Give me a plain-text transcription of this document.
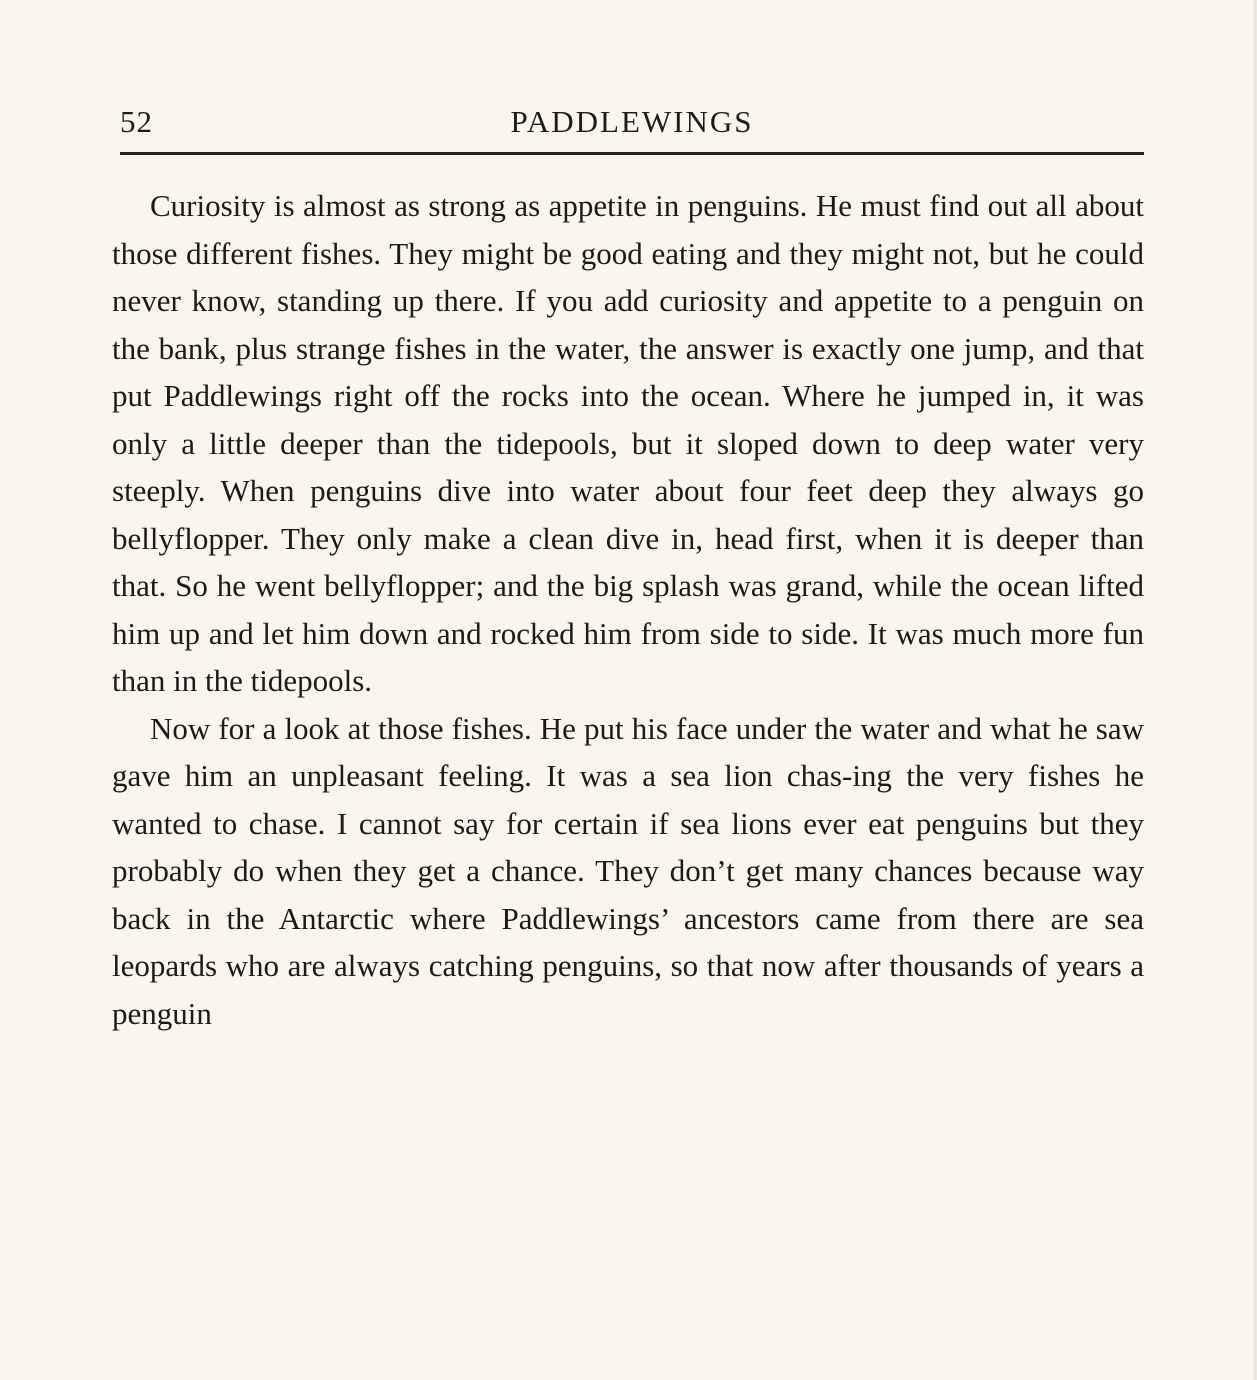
52	PADDLEWINGS

Curiosity is almost as strong as appetite in penguins. He must find out all about those different fishes. They might be good eating and they might not, but he could never know, standing up there. If you add curiosity and appetite to a penguin on the bank, plus strange fishes in the water, the answer is exactly one jump, and that put Paddlewings right off the rocks into the ocean. Where he jumped in, it was only a little deeper than the tidepools, but it sloped down to deep water very steeply. When penguins dive into water about four feet deep they always go bellyflopper. They only make a clean dive in, head first, when it is deeper than that. So he went bellyflopper; and the big splash was grand, while the ocean lifted him up and let him down and rocked him from side to side. It was much more fun than in the tidepools.

Now for a look at those fishes. He put his face under the water and what he saw gave him an unpleasant feeling. It was a sea lion chas-ing the very fishes he wanted to chase. I cannot say for certain if sea lions ever eat penguins but they probably do when they get a chance. They don’t get many chances because way back in the Antarctic where Paddlewings’ ancestors came from there are sea leopards who are always catching penguins, so that now after thousands of years a penguin
